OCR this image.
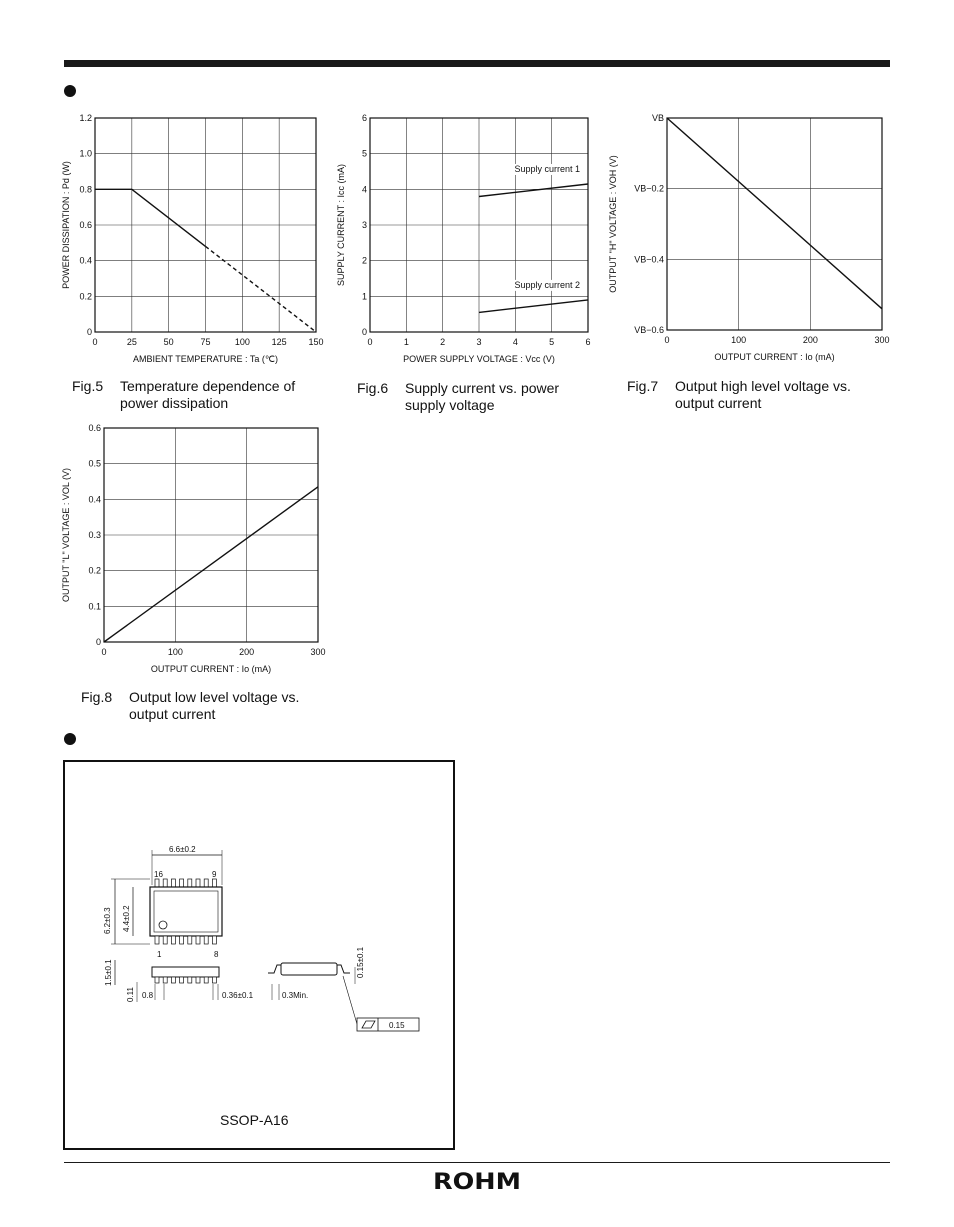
0	25	50	75	100 125 150
0
0.2
0.4
0.6
0.8
1.0
1.2
AMBIENT TEMPERATURE : Ta (℃)
POWER DISSIPATION : Pd (W)
0	1	2	3	4	5	6
0
1
2
3
4
5
6
POWER SUPPLY VOLTAGE : Vcc (V)
SUPPLY CURRENT : Icc (mA)	Supply current 1
Supply current 2
0	100	200	300
VB−0.6
VB−0.4
VB−0.2
VB
OUTPUT CURRENT : Io (mA)
OUTPUT "H" VOLTAGE : VOH (V)
0	100	200	300
0
0.1
0.2
0.3
0.4
0.5
0.6
OUTPUT CURRENT : Io (mA)
OUTPUT "L" VOLTAGE : VOL (V)
Fig.5 Temperature dependence of
power dissipation
Fig.6 Supply current vs. power
supply voltage
Fig.7 Output high level voltage vs.
output current
Fig.8 Output low level voltage vs.
output current
6.6±0.2
16	9
1	8
6.2±0.3 4.4±0.2
1.5±0.1
0.11 0.8	0.36±0.1
0.15±0.1
0.3Min.
0.15
SSOP-A16
ROHM
